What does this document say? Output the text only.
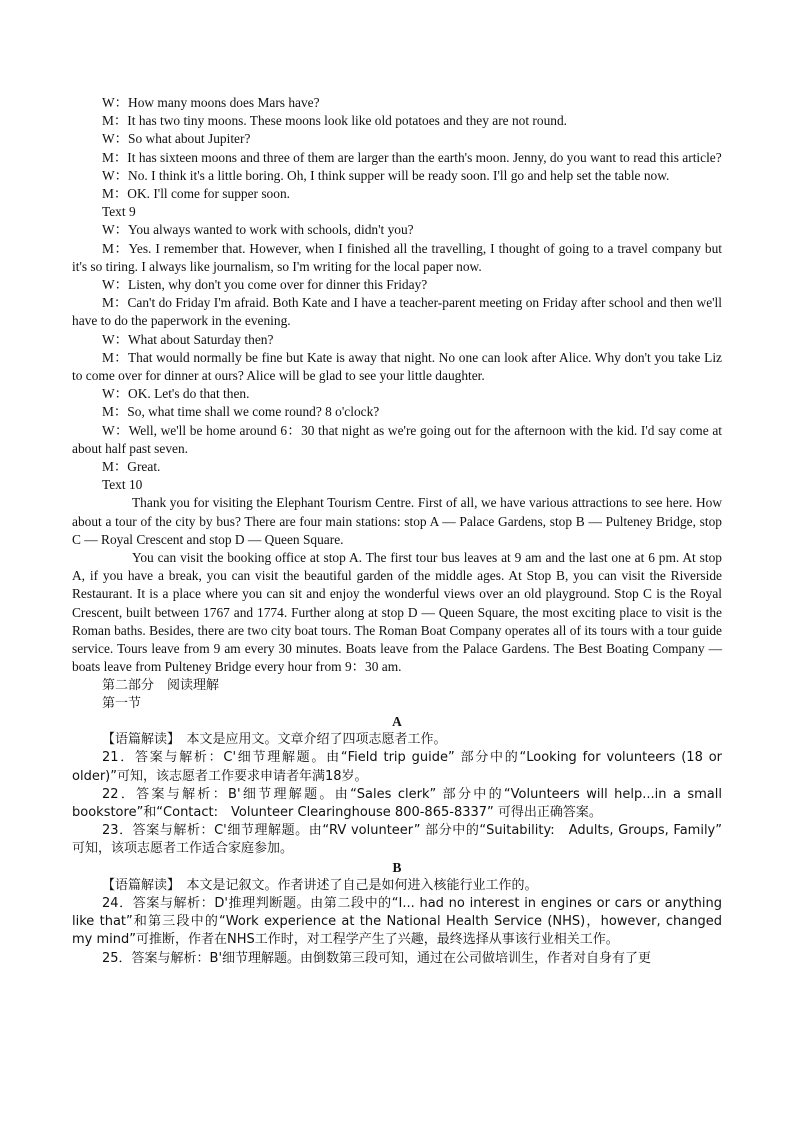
W：How many moons does Mars have?
M：It has two tiny moons. These moons look like old potatoes and they are not round.
W：So what about Jupiter?
M：It has sixteen moons and three of them are larger than the earth's moon. Jenny, do you want to read this article?
W：No. I think it's a little boring. Oh, I think supper will be ready soon. I'll go and help set the table now.
M：OK. I'll come for supper soon.
Text 9
W：You always wanted to work with schools, didn't you?
M：Yes. I remember that. However, when I finished all the travelling, I thought of going to a travel company but it's so tiring. I always like journalism, so I'm writing for the local paper now.
W：Listen, why don't you come over for dinner this Friday?
M：Can't do Friday I'm afraid. Both Kate and I have a teacher-parent meeting on Friday after school and then we'll have to do the paperwork in the evening.
W：What about Saturday then?
M：That would normally be fine but Kate is away that night. No one can look after Alice. Why don't you take Liz to come over for dinner at ours? Alice will be glad to see your little daughter.
W：OK. Let's do that then.
M：So, what time shall we come round? 8 o'clock?
W：Well, we'll be home around 6：30 that night as we're going out for the afternoon with the kid. I'd say come at about half past seven.
M：Great.
Text 10
Thank you for visiting the Elephant Tourism Centre. First of all, we have various attractions to see here. How about a tour of the city by bus? There are four main stations: stop A — Palace Gardens, stop B — Pulteney Bridge, stop C — Royal Crescent and stop D — Queen Square.
You can visit the booking office at stop A. The first tour bus leaves at 9 am and the last one at 6 pm. At stop A, if you have a break, you can visit the beautiful garden of the middle ages. At Stop B, you can visit the Riverside Restaurant. It is a place where you can sit and enjoy the wonderful views over an old playground. Stop C is the Royal Crescent, built between 1767 and 1774. Further along at stop D — Queen Square, the most exciting place to visit is the Roman baths. Besides, there are two city boat tours. The Roman Boat Company operates all of its tours with a tour guide service. Tours leave from 9 am every 30 minutes. Boats leave from the Palace Gardens. The Best Boating Company — boats leave from Pulteney Bridge every hour from 9：30 am.
第二部分　阅读理解
第一节
A
【语篇解读】　本文是应用文。文章介绍了四项志愿者工作。
21．答案与解析：C'细节理解题。由“Field trip guide” 部分中的“Looking for volunteers (18 or older)”可知，该志愿者工作要求申请者年满18岁。
22．答案与解析：B'细节理解题。由“Sales clerk” 部分中的“Volunteers will help...in a small bookstore”和“Contact:　Volunteer Clearinghouse 800-865-8337” 可得出正确答案。
23．答案与解析：C'细节理解题。由“RV volunteer” 部分中的“Suitability:　Adults, Groups, Family” 可知，该项志愿者工作适合家庭参加。
B
【语篇解读】　本文是记叙文。作者讲述了自己是如何进入核能行业工作的。
24．答案与解析：D'推理判断题。由第二段中的“I... had no interest in engines or cars or anything like that”和第三段中的“Work experience at the National Health Service (NHS)，however, changed my mind”可推断，作者在NHS工作时，对工程学产生了兴趣，最终选择从事该行业相关工作。
25．答案与解析：B'细节理解题。由倒数第三段可知，通过在公司做培训生，作者对自身有了更
